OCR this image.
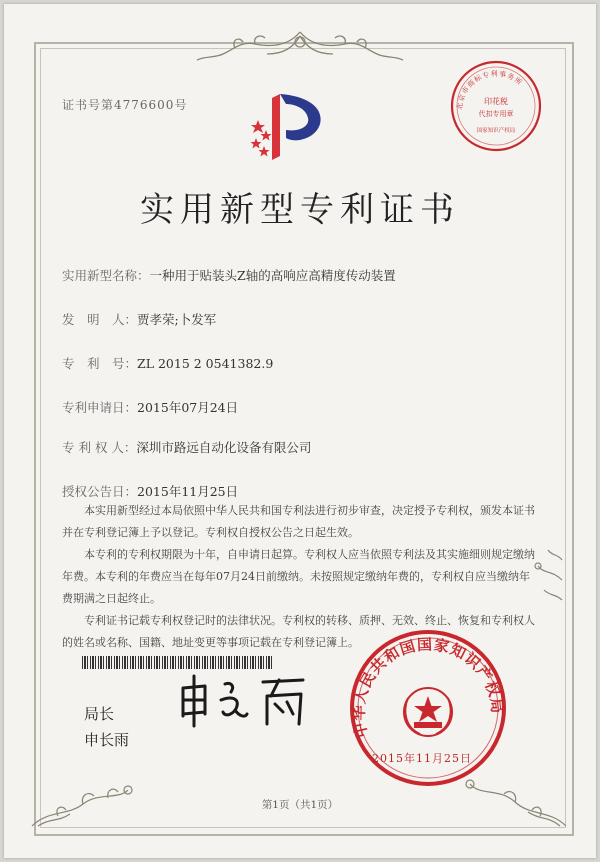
北京市商标专利事务所
印花税
代扣专用章
国家知识产权局
证书号第4776600号
实用新型专利证书
实用新型名称：一种用于贴装头Z轴的高响应高精度传动装置
发　明　人：贾孝荣;卜发军
专　利　号：ZL 2015 2 0541382.9
专利申请日：2015年07月24日
专 利 权 人：深圳市路远自动化设备有限公司
授权公告日：2015年11月25日

本实用新型经过本局依照中华人民共和国专利法进行初步审查，决定授予专利权，颁发本证书并在专利登记簿上予以登记。专利权自授权公告之日起生效。

本专利的专利权期限为十年，自申请日起算。专利权人应当依照专利法及其实施细则规定缴纳年费。本专利的年费应当在每年07月24日前缴纳。未按照规定缴纳年费的，专利权自应当缴纳年费期满之日起终止。

专利证书记载专利权登记时的法律状况。专利权的转移、质押、无效、终止、恢复和专利权人的姓名或名称、国籍、地址变更等事项记载在专利登记簿上。

局长
申长雨
中华人民共和国国家知识产权局
2015年11月25日
第1页（共1页）
